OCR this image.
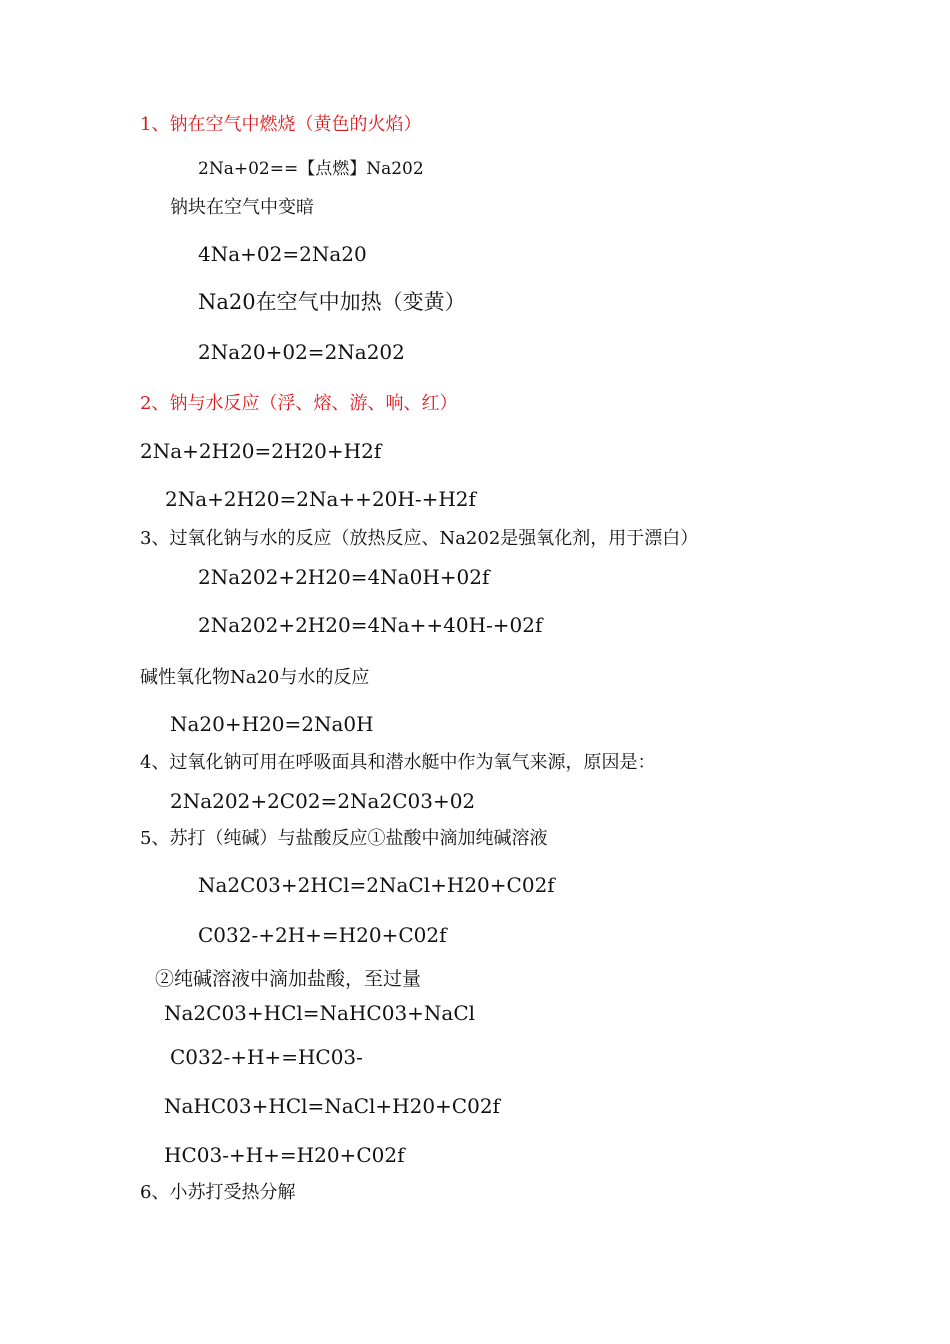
1、钠在空气中燃烧（黄色的火焰）
2Na+02==【点燃】Na202
钠块在空气中变暗
4Na+02=2Na20
Na20在空气中加热（变黄）
2Na20+02=2Na202
2、钠与水反应（浮、熔、游、响、红）
2Na+2H20=2H20+H2f
2Na+2H20=2Na++20H-+H2f
3、过氧化钠与水的反应（放热反应、Na202是强氧化剂，用于漂白）
2Na202+2H20=4Na0H+02f
2Na202+2H20=4Na++40H-+02f
碱性氧化物Na20与水的反应
Na20+H20=2Na0H
4、过氧化钠可用在呼吸面具和潜水艇中作为氧气来源，原因是：
2Na202+2C02=2Na2C03+02
5、苏打（纯碱）与盐酸反应①盐酸中滴加纯碱溶液
Na2C03+2HCl=2NaCl+H20+C02f
C032-+2H+=H20+C02f
②纯碱溶液中滴加盐酸，至过量
Na2C03+HCl=NaHC03+NaCl
C032-+H+=HC03-
NaHC03+HCl=NaCl+H20+C02f
HC03-+H+=H20+C02f
6、小苏打受热分解
